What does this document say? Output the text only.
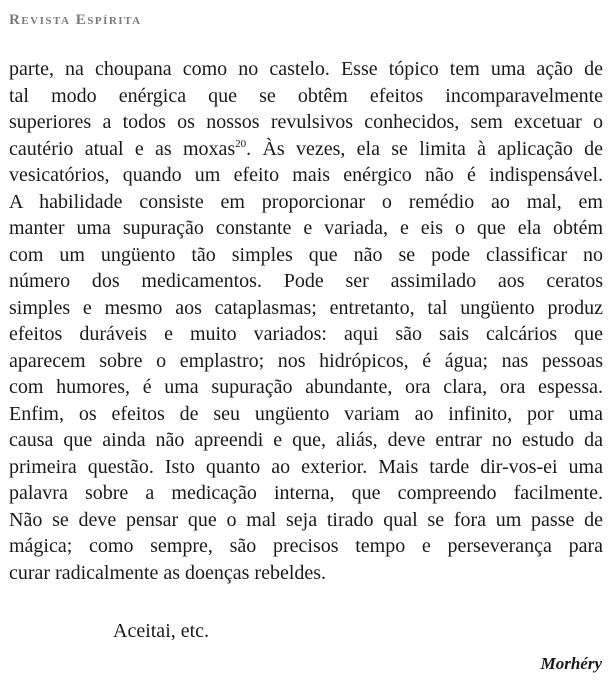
Revista Espírita
parte, na choupana como no castelo. Esse tópico tem uma ação de
tal modo enérgica que se obtêm efeitos incomparavelmente
superiores a todos os nossos revulsivos conhecidos, sem excetuar o
cautério atual e as moxas$^{20}$. Às vezes, ela se limita à aplicação de
vesicatórios, quando um efeito mais enérgico não é indispensável.
A habilidade consiste em proporcionar o remédio ao mal, em
manter uma supuração constante e variada, e eis o que ela obtém
com um ungüento tão simples que não se pode classificar no
número dos medicamentos. Pode ser assimilado aos ceratos
simples e mesmo aos cataplasmas; entretanto, tal ungüento produz
efeitos duráveis e muito variados: aqui são sais calcários que
aparecem sobre o emplastro; nos hidrópicos, é água; nas pessoas
com humores, é uma supuração abundante, ora clara, ora espessa.
Enfim, os efeitos de seu ungüento variam ao infinito, por uma
causa que ainda não apreendi e que, aliás, deve entrar no estudo da
primeira questão. Isto quanto ao exterior. Mais tarde dir-vos-ei uma
palavra sobre a medicação interna, que compreendo facilmente.
Não se deve pensar que o mal seja tirado qual se fora um passe de
mágica; como sempre, são precisos tempo e perseverança para
curar radicalmente as doenças rebeldes.
Aceitai, etc.
Morhéry
